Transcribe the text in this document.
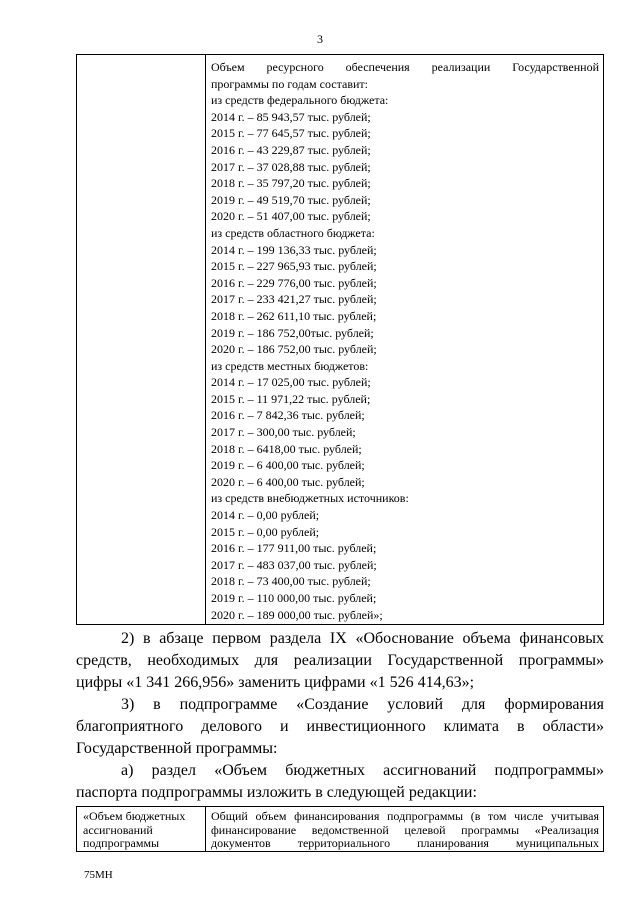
3
Объем ресурсного обеспечения реализации Государственной
программы по годам составит:
из средств федерального бюджета:
2014 г. – 85 943,57 тыс. рублей;
2015 г. – 77 645,57 тыс. рублей;
2016 г. – 43 229,87 тыс. рублей;
2017 г. – 37 028,88 тыс. рублей;
2018 г. – 35 797,20 тыс. рублей;
2019 г. – 49 519,70 тыс. рублей;
2020 г. – 51 407,00 тыс. рублей;
из средств областного бюджета:
2014 г. – 199 136,33 тыс. рублей;
2015 г. – 227 965,93 тыс. рублей;
2016 г. – 229 776,00 тыс. рублей;
2017 г. – 233 421,27 тыс. рублей;
2018 г. – 262 611,10 тыс. рублей;
2019 г. – 186 752,00тыс. рублей;
2020 г. – 186 752,00 тыс. рублей;
из средств местных бюджетов:
2014 г. – 17 025,00 тыс. рублей;
2015 г. – 11 971,22 тыс. рублей;
2016 г. – 7 842,36 тыс. рублей;
2017 г. – 300,00 тыс. рублей;
2018 г. – 6418,00 тыс. рублей;
2019 г. – 6 400,00 тыс. рублей;
2020 г. – 6 400,00 тыс. рублей;
из средств внебюджетных источников:
2014 г. – 0,00 рублей;
2015 г. – 0,00 рублей;
2016 г. – 177 911,00 тыс. рублей;
2017 г. – 483 037,00 тыс. рублей;
2018 г. – 73 400,00 тыс. рублей;
2019 г. – 110 000,00 тыс. рублей;
2020 г. – 189 000,00 тыс. рублей»;
2) в абзаце первом раздела IX «Обоснование объема финансовых
средств, необходимых для реализации Государственной программы»
цифры «1 341 266,956» заменить цифрами «1 526 414,63»;
3) в подпрограмме «Создание условий для формирования
благоприятного делового и инвестиционного климата в области»
Государственной программы:
а) раздел «Объем бюджетных ассигнований подпрограммы»
паспорта подпрограммы изложить в следующей редакции:
«Объем бюджетных
ассигнований
подпрограммы
Общий объем финансирования подпрограммы (в том числе учитывая
финансирование ведомственной целевой программы «Реализация
документов территориального планирования муниципальных
75МН
